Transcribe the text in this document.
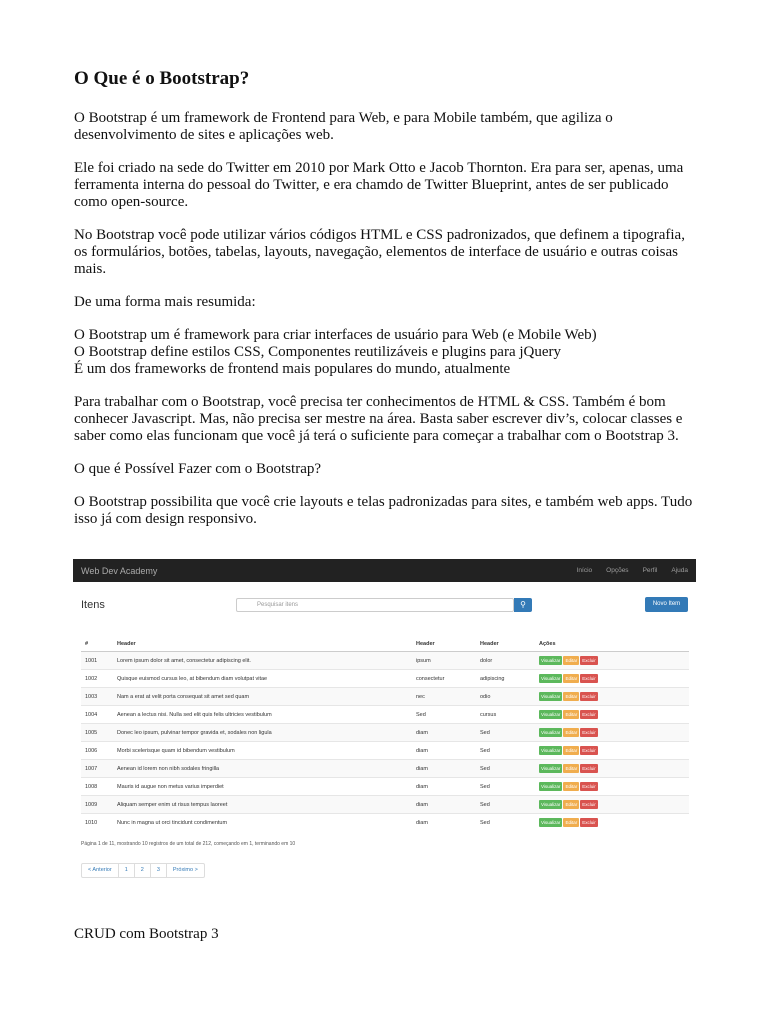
O Que é o Bootstrap?

O Bootstrap é um framework de Frontend para Web, e para Mobile também, que agiliza o desenvolvimento de sites e aplicações web.

Ele foi criado na sede do Twitter em 2010 por Mark Otto e Jacob Thornton. Era para ser, apenas, uma ferramenta interna do pessoal do Twitter, e era chamdo de Twitter Blueprint, antes de ser publicado como open-source.

No Bootstrap você pode utilizar vários códigos HTML e CSS padronizados, que definem a tipografia, os formulários, botões, tabelas, layouts, navegação, elementos de interface de usuário e outras coisas mais.

De uma forma mais resumida:

O Bootstrap um é framework para criar interfaces de usuário para Web (e Mobile Web)
O Bootstrap define estilos CSS, Componentes reutilizáveis e plugins para jQuery
É um dos frameworks de frontend mais populares do mundo, atualmente

Para trabalhar com o Bootstrap, você precisa ter conhecimentos de HTML & CSS. Também é bom conhecer Javascript. Mas, não precisa ser mestre na área. Basta saber escrever div’s, colocar classes e saber como elas funcionam que você já terá o suficiente para começar a trabalhar com o Bootstrap 3.

O que é Possível Fazer com o Bootstrap?

O Bootstrap possibilita que você crie layouts e telas padronizadas para sites, e também web apps. Tudo isso já com design responsivo.

Web Dev Academy	Início Opções Perfil Ajuda
Itens	Pesquisar itens	⚲	Novo Item
#	Header	Header	Header	Ações
1001	Lorem ipsum dolor sit amet, consectetur adipiscing elit.	ipsum	dolor	Visualizar Editar Excluir
1002	Quisque euismod cursus leo, at bibendum diam volutpat vitae	consectetur	adipiscing	Visualizar Editar Excluir
1003	Nam a erat at velit porta consequat sit amet sed quam	nec	odio	Visualizar Editar Excluir
1004	Aenean a lectus nisi. Nulla sed elit quis felis ultricies vestibulum	Sed	cursus	Visualizar Editar Excluir
1005	Donec leo ipsum, pulvinar tempor gravida et, sodales non ligula	diam	Sed	Visualizar Editar Excluir
1006	Morbi scelerisque quam id bibendum vestibulum	diam	Sed	Visualizar Editar Excluir
1007	Aenean id lorem non nibh sodales fringilla	diam	Sed	Visualizar Editar Excluir
1008	Mauris id augue non metus varius imperdiet	diam	Sed	Visualizar Editar Excluir
1009	Aliquam semper enim ut risus tempus laoreet	diam	Sed	Visualizar Editar Excluir
1010	Nunc in magna ut orci tincidunt condimentum	diam	Sed	Visualizar Editar Excluir
Página 1 de 11, mostrando 10 registros de um total de 212, começando em 1, terminando em 10
< Anterior	1	2	3	Próximo >
CRUD com Bootstrap 3
